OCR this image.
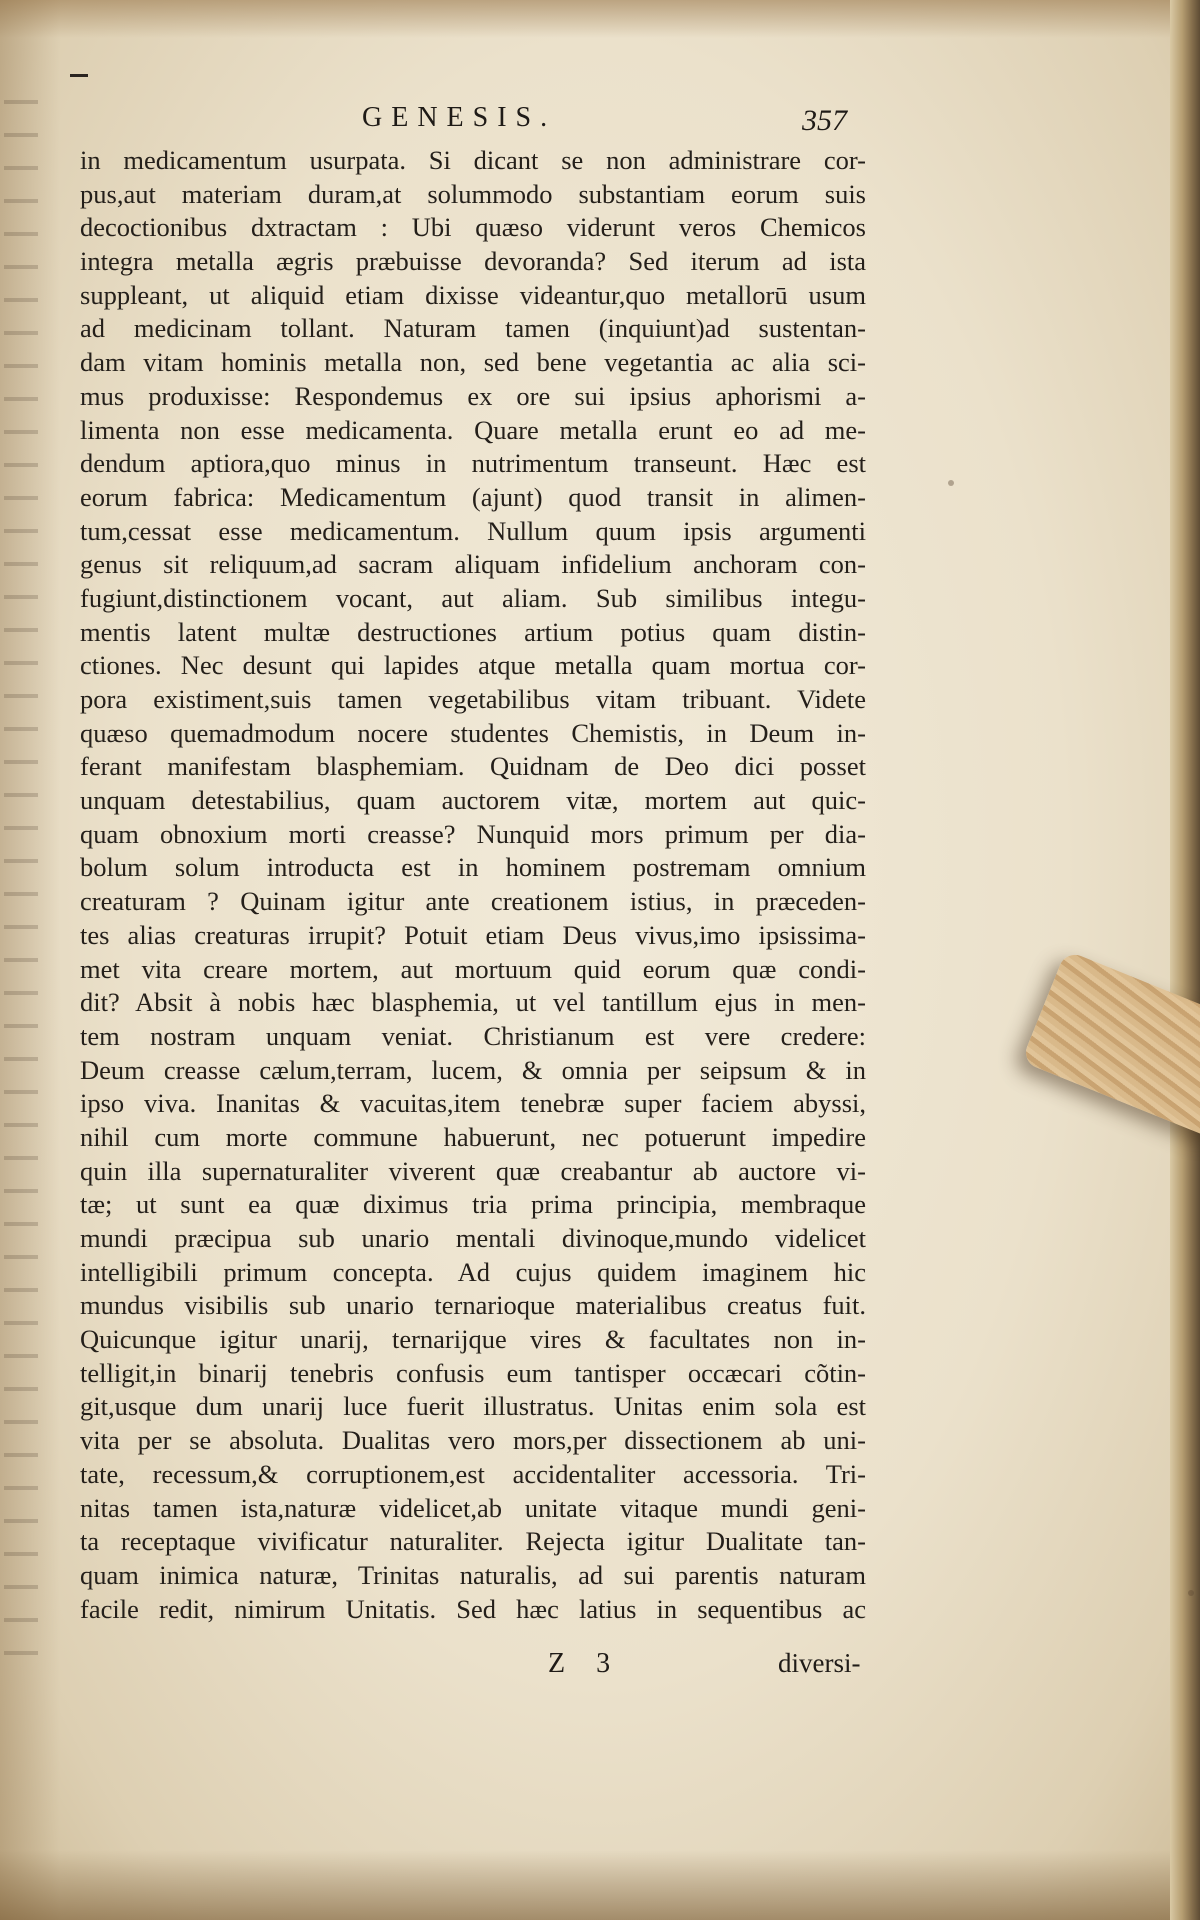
GENESIS.	357
in medicamentum usurpata. Si dicant se non administrare cor-
pus,aut materiam duram,at solummodo substantiam eorum suis
decoctionibus dxtractam : Ubi quæso viderunt veros Chemicos
integra metalla ægris præbuisse devoranda? Sed iterum ad ista
suppleant, ut aliquid etiam dixisse videantur,quo metallorū usum
ad medicinam tollant. Naturam tamen (inquiunt)ad sustentan-
dam vitam hominis metalla non, sed bene vegetantia ac alia sci-
mus produxisse: Respondemus ex ore sui ipsius aphorismi a-
limenta non esse medicamenta. Quare metalla erunt eo ad me-
dendum aptiora,quo minus in nutrimentum transeunt. Hæc est
eorum fabrica: Medicamentum (ajunt) quod transit in alimen-
tum,cessat esse medicamentum. Nullum quum ipsis argumenti
genus sit reliquum,ad sacram aliquam infidelium anchoram con-
fugiunt,distinctionem vocant, aut aliam. Sub similibus integu-
mentis latent multæ destructiones artium potius quam distin-
ctiones. Nec desunt qui lapides atque metalla quam mortua cor-
pora existiment,suis tamen vegetabilibus vitam tribuant. Videte
quæso quemadmodum nocere studentes Chemistis, in Deum in-
ferant manifestam blasphemiam. Quidnam de Deo dici posset
unquam detestabilius, quam auctorem vitæ, mortem aut quic-
quam obnoxium morti creasse? Nunquid mors primum per dia-
bolum solum introducta est in hominem postremam omnium
creaturam ? Quinam igitur ante creationem istius, in præceden-
tes alias creaturas irrupit? Potuit etiam Deus vivus,imo ipsissima-
met vita creare mortem, aut mortuum quid eorum quæ condi-
dit? Absit à nobis hæc blasphemia, ut vel tantillum ejus in men-
tem nostram unquam veniat. Christianum est vere credere:
Deum creasse cælum,terram, lucem, & omnia per seipsum & in
ipso viva. Inanitas & vacuitas,item tenebræ super faciem abyssi,
nihil cum morte commune habuerunt, nec potuerunt impedire
quin illa supernaturaliter viverent quæ creabantur ab auctore vi-
tæ; ut sunt ea quæ diximus tria prima principia, membraque
mundi præcipua sub unario mentali divinoque,mundo videlicet
intelligibili primum concepta. Ad cujus quidem imaginem hic
mundus visibilis sub unario ternarioque materialibus creatus fuit.
Quicunque igitur unarij, ternarijque vires & facultates non in-
telligit,in binarij tenebris confusis eum tantisper occæcari cõtin-
git,usque dum unarij luce fuerit illustratus. Unitas enim sola est
vita per se absoluta. Dualitas vero mors,per dissectionem ab uni-
tate, recessum,& corruptionem,est accidentaliter accessoria. Tri-
nitas tamen ista,naturæ videlicet,ab unitate vitaque mundi geni-
ta receptaque vivificatur naturaliter. Rejecta igitur Dualitate tan-
quam inimica naturæ, Trinitas naturalis, ad sui parentis naturam
facile redit, nimirum Unitatis. Sed hæc latius in sequentibus ac
Z 3	diversi-
